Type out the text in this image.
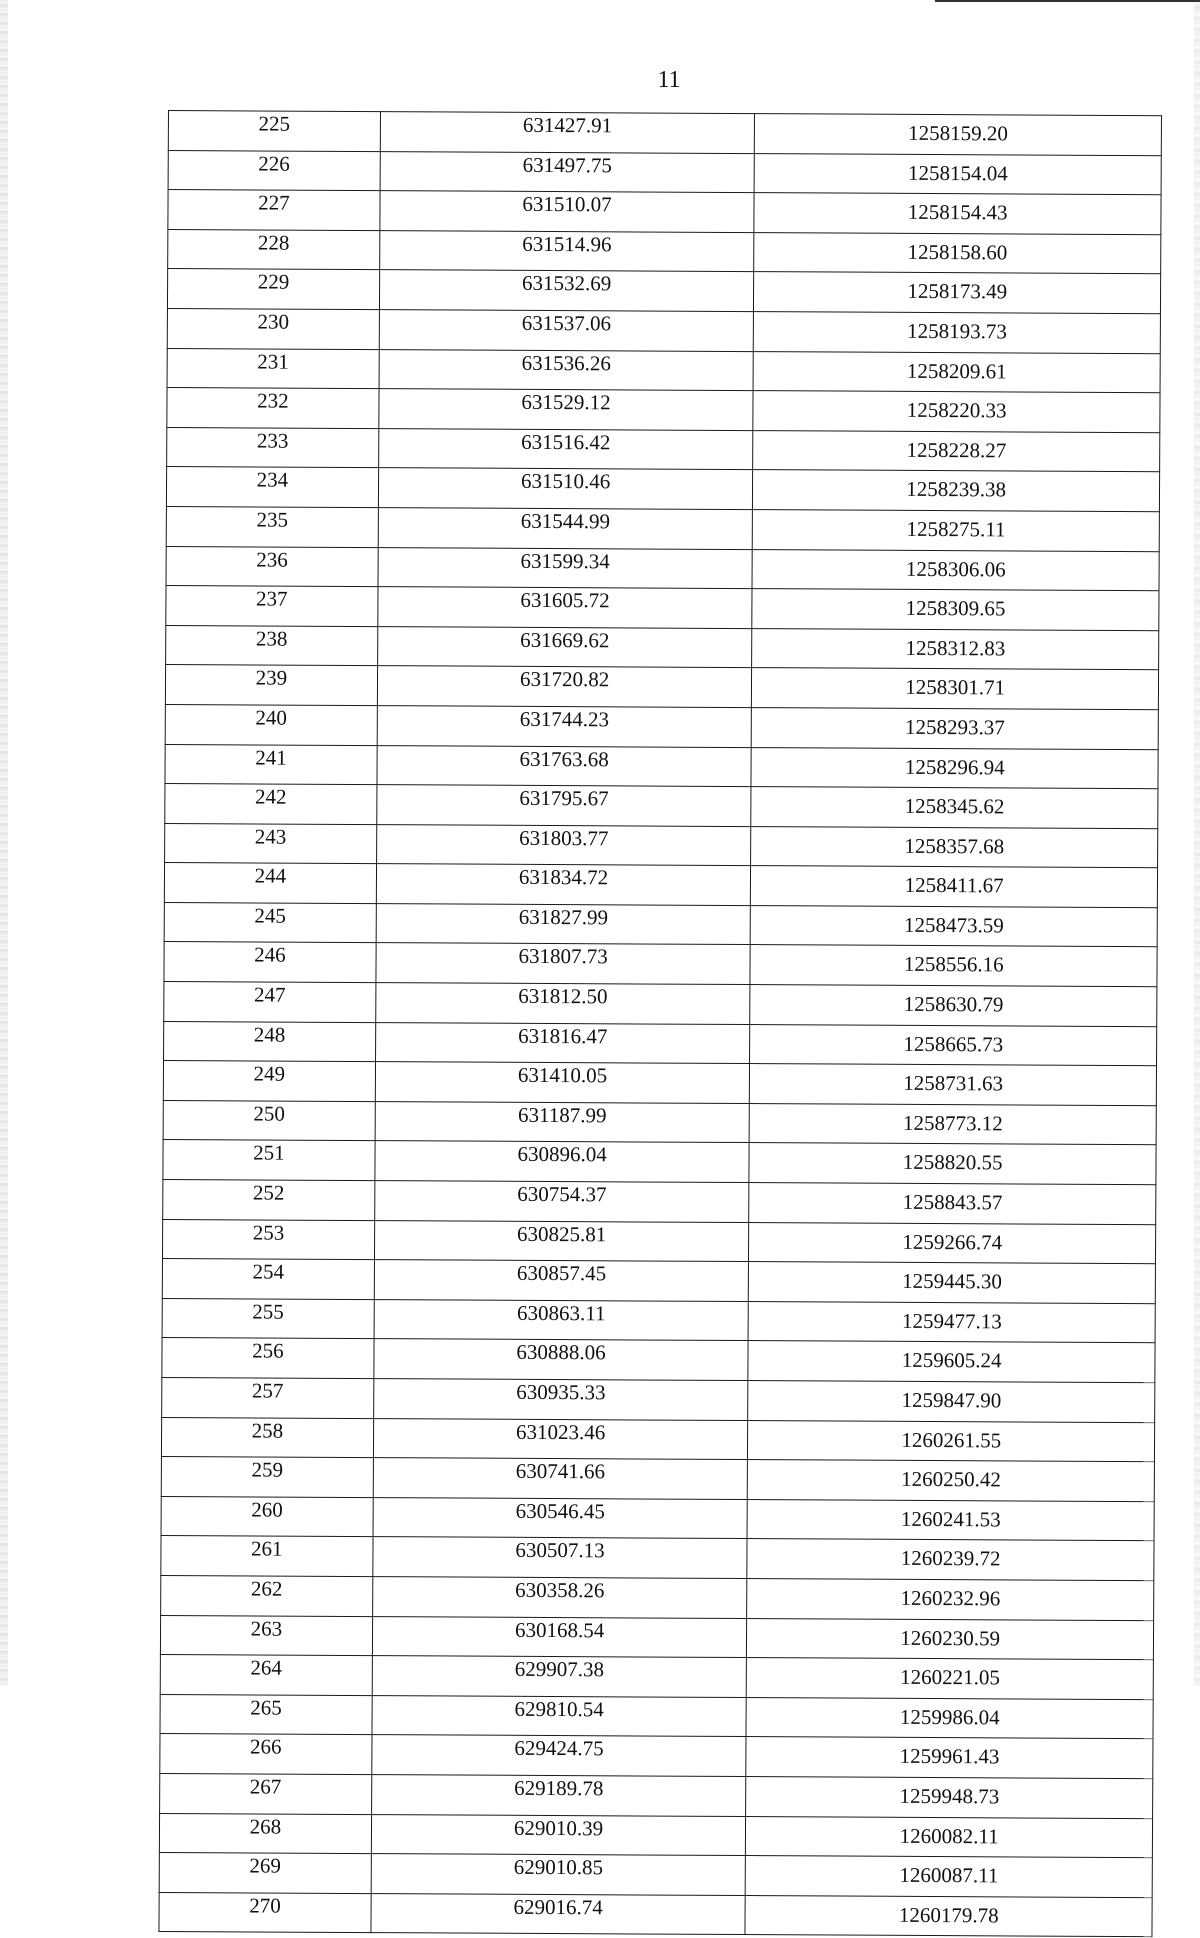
11
225	631427.91	1258159.20
226	631497.75	1258154.04
227	631510.07	1258154.43
228	631514.96	1258158.60
229	631532.69	1258173.49
230	631537.06	1258193.73
231	631536.26	1258209.61
232	631529.12	1258220.33
233	631516.42	1258228.27
234	631510.46	1258239.38
235	631544.99	1258275.11
236	631599.34	1258306.06
237	631605.72	1258309.65
238	631669.62	1258312.83
239	631720.82	1258301.71
240	631744.23	1258293.37
241	631763.68	1258296.94
242	631795.67	1258345.62
243	631803.77	1258357.68
244	631834.72	1258411.67
245	631827.99	1258473.59
246	631807.73	1258556.16
247	631812.50	1258630.79
248	631816.47	1258665.73
249	631410.05	1258731.63
250	631187.99	1258773.12
251	630896.04	1258820.55
252	630754.37	1258843.57
253	630825.81	1259266.74
254	630857.45	1259445.30
255	630863.11	1259477.13
256	630888.06	1259605.24
257	630935.33	1259847.90
258	631023.46	1260261.55
259	630741.66	1260250.42
260	630546.45	1260241.53
261	630507.13	1260239.72
262	630358.26	1260232.96
263	630168.54	1260230.59
264	629907.38	1260221.05
265	629810.54	1259986.04
266	629424.75	1259961.43
267	629189.78	1259948.73
268	629010.39	1260082.11
269	629010.85	1260087.11
270	629016.74	1260179.78
